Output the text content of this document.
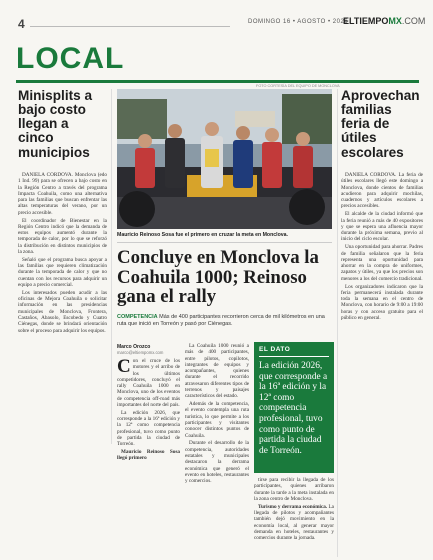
4	DOMINGO 16 • AGOSTO • 2026
ELTIEMPOMX.COM
LOCAL
Minisplits a bajo costo llegan a cinco municipios

DANIELA CORDOVA. Monclova (edo 1 Ind. 99) para se ofrecen a bajo costo en la Región Centro a través del programa Impacta Coahuila, como una alternativa para las familias que buscan enfrentar las altas temperaturas del verano, por un precio accesible.

El coordinador de Bienestar en la Región Centro indicó que la demanda de estos equipos aumentó durante la temporada de calor, por lo que se reforzó la distribución en distintos municipios de la zona.

Señaló que el programa busca apoyar a las familias que requieren climatización durante la temporada de calor y que no cuentan con los recursos para adquirir un equipo a precio comercial.

Los interesados pueden acudir a las oficinas de Mejora Coahuila o solicitar información en las presidencias municipales de Monclova, Frontera, Castaños, Abasolo, Escobedo y Cuatro Ciénegas, donde se brindará orientación sobre el proceso para adquirir los equipos.

FOTO CORTESÍA DEL EQUIPO DE MONCLOVA
Mauricio Reinoso Sosa fue el primero en cruzar la meta en Monclova.
Concluye en Monclova la Coahuila 1000; Reinoso gana el rally
COMPETENCIA Más de 400 participantes recorrieron cerca de mil kilómetros en una ruta que inició en Torreón y pasó por Ciénegas.
Marco Orozco
marco@eltiempomx.com

Con el cruce de los motores y el arribo de los últimos competidores, concluyó el rally Coahuila 1000 en Monclova, uno de los eventos de competencia off-road más importantes del norte del país.

La edición 2026, que corresponde a la 16ª edición y la 12ª como competencia profesional, tuvo como punto de partida la ciudad de Torreón.

Mauricio Reinoso Sosa llegó primero

La Coahuila 1000 reunió a más de 400 participantes, entre pilotos, copilotos, integrantes de equipos y acompañantes, quienes durante el recorrido atravesaron diferentes tipos de terrenos y paisajes característicos del estado.

Además de la competencia, el evento contempla una ruta turística, lo que permite a los participantes y visitantes conocer distintos puntos de Coahuila.

Durante el desarrollo de la competencia, autoridades estatales y municipales destacaron la derrama económica que generó el evento en hoteles, restaurantes y comercios.

EL DATO
La edición 2026, que corresponde a la 16ª edición y la 12ª como competencia profesional, tuvo como punto de partida la ciudad de Torreón.

tirse para recibir la llegada de los participantes, quienes arribaron durante la tarde a la meta instalada en la zona centro de Monclova.

Turismo y derrama económica. La llegada de pilotos y acompañantes también dejó movimiento en la economía local, al generar mayor demanda en hoteles, restaurantes y comercios durante la jornada.

Aprovechan familias feria de útiles escolares

DANIELA CORDOVA. La feria de útiles escolares llegó este domingo a Monclova, donde cientos de familias acudieron para adquirir mochilas, cuadernos y artículos escolares a precios accesibles.

El alcalde de la ciudad informó que la feria reunió a más de 40 expositores y que se espera una afluencia mayor durante la próxima semana, previo al inicio del ciclo escolar.

Una oportunidad para ahorrar. Padres de familia señalaron que la feria representa una oportunidad para ahorrar en la compra de uniformes, zapatos y útiles, ya que los precios son menores a los del comercio tradicional.

Los organizadores indicaron que la feria permanecerá instalada durante toda la semana en el centro de Monclova, con horario de 9:00 a 19:00 horas y con acceso gratuito para el público en general.
